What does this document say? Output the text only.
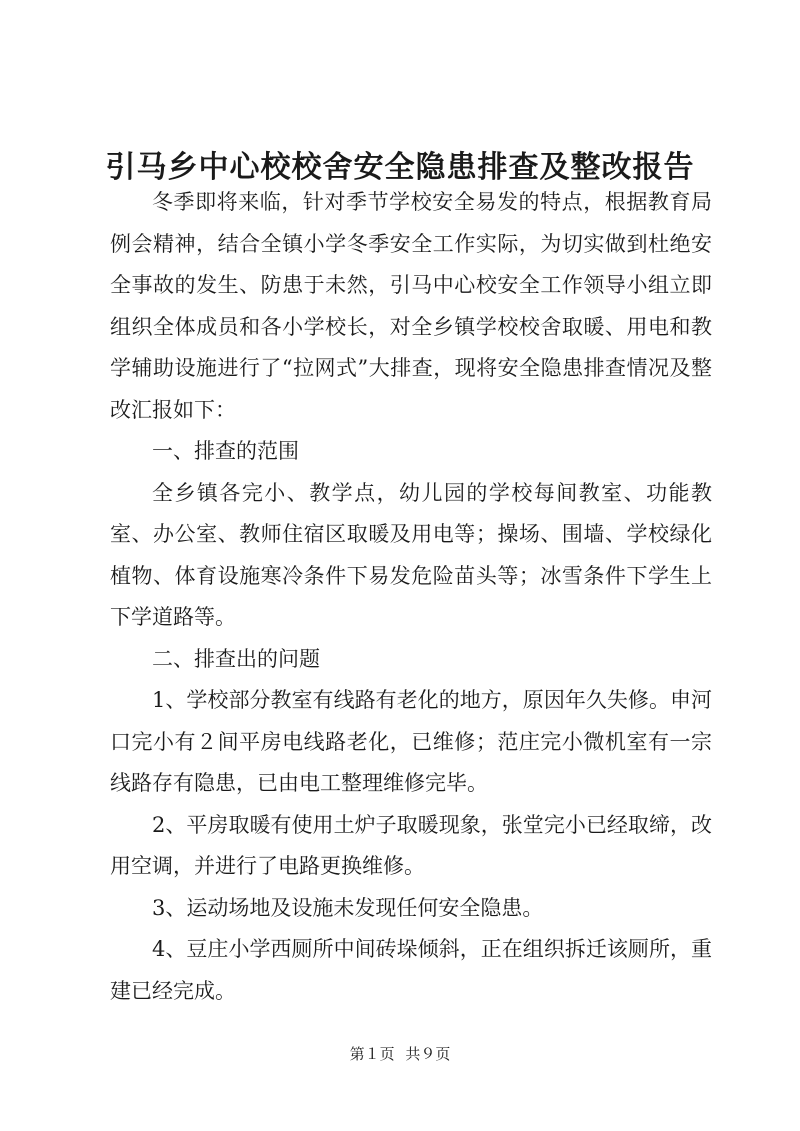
引马乡中心校校舍安全隐患排查及整改报告

冬季即将来临，针对季节学校安全易发的特点，根据教育局例会精神，结合全镇小学冬季安全工作实际，为切实做到杜绝安全事故的发生、防患于未然，引马中心校安全工作领导小组立即组织全体成员和各小学校长，对全乡镇学校校舍取暖、用电和教学辅助设施进行了“拉网式”大排查，现将安全隐患排查情况及整改汇报如下：

一、排查的范围

全乡镇各完小、教学点，幼儿园的学校每间教室、功能教室、办公室、教师住宿区取暖及用电等；操场、围墙、学校绿化植物、体育设施寒冷条件下易发危险苗头等；冰雪条件下学生上下学道路等。

二、排查出的问题

1、学校部分教室有线路有老化的地方，原因年久失修。申河口完小有２间平房电线路老化，已维修；范庄完小微机室有一宗线路存有隐患，已由电工整理维修完毕。

2、平房取暖有使用土炉子取暖现象，张堂完小已经取缔，改用空调，并进行了电路更换维修。

3、运动场地及设施未发现任何安全隐患。

4、豆庄小学西厕所中间砖垛倾斜，正在组织拆迁该厕所，重建已经完成。

第１页 共９页
